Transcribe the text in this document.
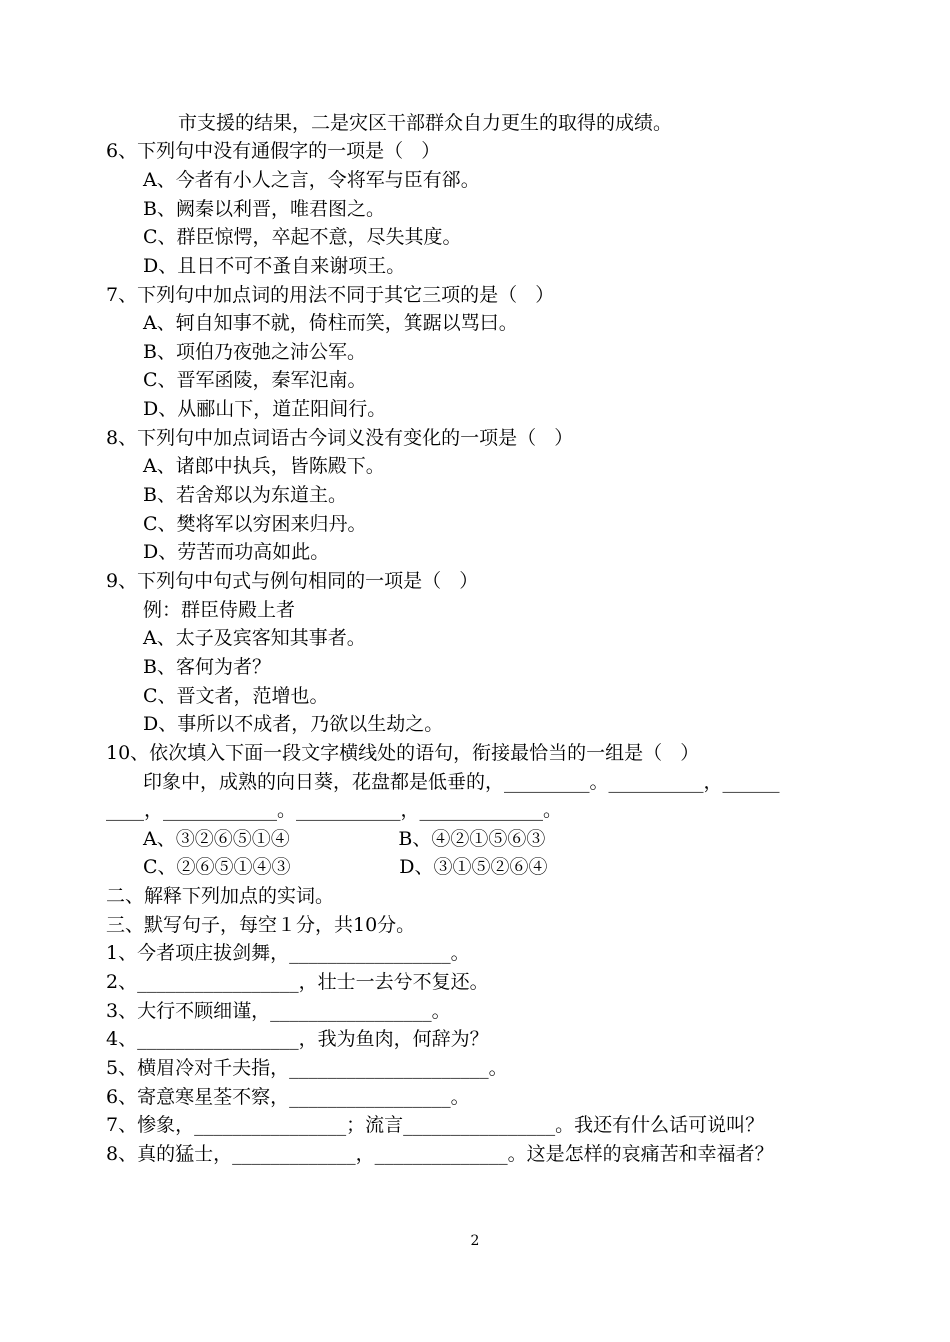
市支援的结果，二是灾区干部群众自力更生的取得的成绩。
6、下列句中没有通假字的一项是（   ）
A、今者有小人之言，令将军与臣有郤。
B、阙秦以利晋，唯君图之。
C、群臣惊愕，卒起不意，尽失其度。
D、且日不可不蚤自来谢项王。
7、下列句中加点词的用法不同于其它三项的是（   ）
A、轲自知事不就，倚柱而笑，箕踞以骂曰。
B、项伯乃夜弛之沛公军。
C、晋军函陵，秦军氾南。
D、从郦山下，道芷阳间行。
8、下列句中加点词语古今词义没有变化的一项是（   ）
A、诸郎中执兵，皆陈殿下。
B、若舍郑以为东道主。
C、樊将军以穷困来归丹。
D、劳苦而功高如此。
9、下列句中句式与例句相同的一项是（   ）
例：群臣侍殿上者
A、太子及宾客知其事者。
B、客何为者？
C、晋文者，范增也。
D、事所以不成者，乃欲以生劫之。
10、依次填入下面一段文字横线处的语句，衔接最恰当的一组是（   ）
印象中，成熟的向日葵，花盘都是低垂的，_________。__________，______
____，____________。___________，_____________。
A、③②⑥⑤①④                  B、④②①⑤⑥③
C、②⑥⑤①④③                  D、③①⑤②⑥④
二、解释下列加点的实词。
三、默写句子，每空１分，共10分。
1、今者项庄拔剑舞，_________________。
2、_________________，壮士一去兮不复还。
3、大行不顾细谨，_________________。
4、_________________，我为鱼肉，何辞为？
5、横眉冷对千夫指，_____________________。
6、寄意寒星荃不察，_________________。
7、惨象，________________；流言________________。我还有什么话可说叫？
8、真的猛士，_____________，______________。这是怎样的哀痛苦和幸福者？
2
